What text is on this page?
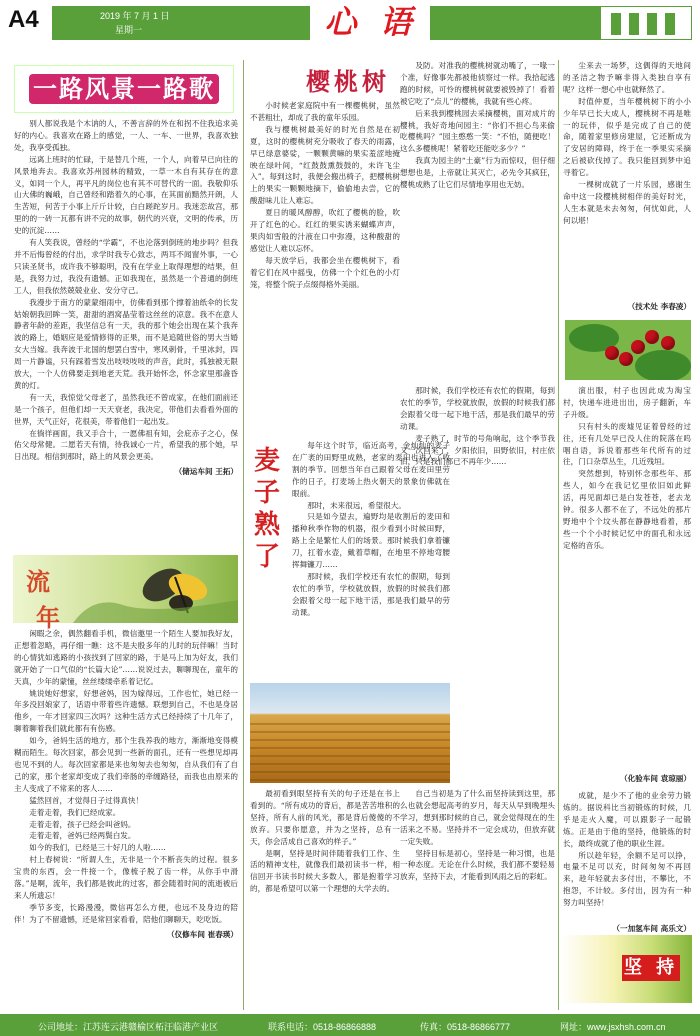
A4	2019 年 7 月 1 日
星期一	心 语
一路风景一路歌

别人都说我是个木讷的人，不善言辞的外在和拐不住我追求美好的内心。我喜欢在路上的感觉，一人、一车、一世界，我喜欢独处，我享受孤独。

远离上班时的忙碌，于是替几个班，一个人，向着早已向往的风景地奔去。我喜欢苏州园林的精致，一草一木自有其存在的意义，如同一个人，再平凡的岗位也有其不可替代的一面。我敬仰乐山大佛的巍峨，自己曾经和踏着久的心事，在其面前黯然开朗，人生苦短，何苦于小事上斤斤计较，白白蹉跎岁月。我迷恋故宫，那里的的一砖一瓦都有讲不完的故事，朝代的兴衰，文明的传承，历史的沉淀……

有人笑我说，曾经的“学霸”，不也沦落到倒班的地步吗？但我并不后悔曾经的付出，求学时我专心致志，两耳不闻窗外事，一心只读圣贤书，成许我不够聪明，没有在学业上取得理想的结果，但是，我努力过，我没有遗憾。正如我现在，虽然是一个普通的倒班工人，但我依然兢兢业业、安分守己。

我漫步于南方的蒙蒙细雨中，仿佛看到那个撑着油纸伞的长发姑娘朝我回眸一笑，甜甜的酒窝晶莹着这丝丝的凉意。我不在意人静者年龄的差距，我坚信总有一天，我的那个她会出现在某个我奔波的路上，婚姻应是爱情修得的正果，而不是追随世俗的男大当婚女大当嫁。我奔波于北国的想罢白雪中，寒风刺骨，千里冰封，四周一片静谧，只有踩着雪发出吱吱吱吱的声音，此时，孤独被无限放大，一个人仿佛要走到地老天荒。我开始怀念，怀念家里那盏昏黄的灯。

有一天，我惊觉父母老了，虽然我还不曾成家，在他们面前还是一个孩子，但他们却一天天衰老，我决定，带他们去看看外面的世界，天气正好，花很美，带着他们一起出发。

在徜徉画面，我又手合十，一愿佛祖有知，会庇赤子之心，保佑父母常健。二愿若天有情，待我诚心一片，希望我的那个她，早日出现。相信到那时，路上的风景会更美。

（储运车间 王拓）
流
年

闲暇之余，偶然翻看手机，微信邀里一个陌生人要加我好友，正想着忽略，再仔细一瞧：这不是夫殷多年的儿时的玩伴嘛！当时的心情犹如逃路的小孩找到了回家的路，于是马上加为好友，我们就开始了一口气似的“长篇大论”……说说过去，聊聊现在，童年的天真，少年的蒙憧，丝丝缕缕牵系着记忆。

姚说她好想家，好想爸妈，因为嫁得远，工作也忙，她已经一年多没回娘家了，话语中带着些许遗憾。联想到自己，不也是身居他乡，一年才回家四三次吗？这种生活方式已经持续了十几年了，聊着聊着我们就此都有有伤感。

如今，爸妈生活的地方，那个生我养我的地方，渐渐地变得模糊而陌生。每次回家，都会见到一些新的面孔，还有一些想见却再也见不到的人。每次回家都是来也匆匆去也匆匆，自从我们有了自己的家，那个老家却变成了我们牵肠的牵缠路径，而我也由原来的主人变成了不常来的客人……

猛然回首，才觉得日子过得真快！

走着走着，我们已经成家。

走着走着，孩子已经会叫爸妈。

走着走着，爸妈已经两鬓白发。

如今的我们，已经是三十好几的人啦……

村上春树说：“所谓人生，无非是一个不断丧失的过程。很多宝贵的东西，会一件接一个，像梳子脱了齿一样，从你手中滑落。”是啊，流年，我们都是彼此的过客，都会随着时间的流逝被后来人所遗忘！

季节多变，长路漫漫，微信再怎么方便，也远不及身边的陪伴！为了不留遗憾，还是常回家看看，陪他们聊聊天，吃吃饭。

（仪修车间 崔春瑛）
樱桃树

小时候老家庭院中有一棵樱桃树，虽然不甚粗壮，却成了我的童年乐园。

我与樱桃树最美好的时光自然是在初夏，这时的樱桃树充分吸收了春天的雨露，早已绿意婆娑，一颗颗黄嘛的果实羞涩地掩映在绿叶间，“红鼓鼓熏鼓鼓的，未许飞尘入”。每到这时，我便会搬出椅子，把樱桃树上的果实一颗颗地摘下，偷偷地去尝，它的酸甜味儿让人难忘。

夏日的暖风醇醇，吹红了樱桃的脸，吹开了红色的心。红红的果实诱来蝴蝶声声，果肉如雪般的汁液在口中弥漫，这种酸甜的感觉让人难以忘怀。

每天放学后，我都会坐在樱桃树下，看着它们在风中摇曳，仿佛一个个红色的小灯笼，将整个院子点缀得格外美丽。

麦子熟了

每年这个时节，临近高考，金灿灿的麦子在广袤的田野里成熟，老家的麦田也进入了收割的季节。回想当年自己跟着父母在麦田里劳作的日子，打麦场上热火朝天的景象仿佛就在眼前。

那时，未来很远，希望很大。

只是如今望去，遍野均是收割后的麦田和播种秋季作物的机器，很少看到小时候田野，路上全是繁忙人们的场景。那时候我们拿着镰刀，扛着水壶，戴着草帽，在地里不停地弯腰挥舞镰刀……

那时候，我们学校还有农忙的假期，每到农忙的季节，学校就放假，放假的时候我们都会跟着父母一起下地干活，那是我们最早的劳动课。

最初看到眼坚持有关的句子还是在书上看到的。“所有成功的背后，都是苦苦堆积的坚持，所有人前的风光，都是背后傻傻的不放弃。只要你愿意，并为之坚持，总有一天，你会活成自己喜欢的样子。”

是啊，坚持是时间伴随着我们工作、生活的精神支柱，就像我们最初读书一样，相信回开书读书时候大多数人，都是抱着学习的，都是希望可以第一个理想的大学去的。

自己当初是为了什么而坚持读到这里，那么也就会想起高考的岁月，每天从早到晚埋头学习，想到那时候的自己，就会觉得现在的生活来之不易。坚持并不一定会成功，但放弃就一定失败。

坚持目标是初心，坚持是一种习惯，也是一种态度。无论在什么时候，我们都不要轻易放弃，坚持下去，才能看到风雨之后的彩虹。

及防。对准我的樱桃树就动嘴了，一喙一个准，好像事先都被他侦察过一样。我拾起逃跑的时候，可怜的樱桃树就要被毁掉了！看着被它吃了“点儿”的樱桃，我就有些心疼。

后来我到樱桃园去采摘樱桃，面对成片的樱桃，我好奇地问园主：“你们不担心鸟来偷吃樱桃吗？”园主憨憨一笑：“不怕，随便吃！这么多樱桃呢！紧着吃还能吃多少？”

我真为园主的“土豪”行为而惊叹，但仔细想想也是，上帝就让其灭亡，必先令其疯狂，樱桃成熟了让它们尽情地享用也无妨。

尘来去一场梦，这偶得的天地间的圣洁之物予嘛非得入类独自享有呢？这样一想心中也就释然了。

时值仲夏，当年樱桃树下的小小少年早已长大成人，樱桃树不再是唯一的玩伴，似乎是完成了自己的使命，随着家里修房建屋，它还断成为了安居的障碍，终于在一季果实采摘之后被砍伐掉了。我只能回到梦中追寻着它。

一棵树成就了一片乐园，感谢生命中这一段樱桃树相伴的美好时光，人生本就是未去匆匆，何忧如此，人何以堪！

（技术处 李春凌）

那时候，我们学校还有农忙的假期，每到农忙的季节，学校就放假，放假的时候我们都会跟着父母一起下地干活，那是我们最早的劳动课。

麦子熟了，时节的号角响起，这个季节我又一次回来了，夕阳依旧，田野依旧，村庄依旧，只是我们都已不再年少……

演出服，村子也因此成为淘宝村，快递车进进出出，房子翻新，车子升级。

只有村头的废墟见证着曾经的过往，还有几处早已没人住的院落在呜咽自语，诉说着那些年代所有的过往，门口杂草丛生，几近残垣。

突然想到，特别怀念那些年、那些人，如今在我记忆里依旧如此鲜活，再见面却已是白发苍苍，老去龙钟。很多人都不在了，不远处的那片野地中个个坟头都在静静地看着，那些一个个小时候记忆中的面孔和永远定格的音乐。

（化验车间 袁琼丽）

成就，是少不了他的业余劳力锻炼的。据说科比当初锻炼的时候，几乎是走火入魔，可以跟影子一起锻炼。正是由于他的坚持，他锻炼的时长，最终成就了他的职业生涯。

所以趁年轻，余额不足可以挣，电量不足可以充，时间匆匆不再回来，趁年轻就去多付出，不攀比，不抱怨，不计较。多付出，因为有一种努力叫坚持！

（一加氢车间 高乐文）
坚 持
公司地址：江苏连云港赣榆区柘汪临港产业区	联系电话：0518-86866888	传真：0518-86866777	网址：www.jsxhsh.com.cn
